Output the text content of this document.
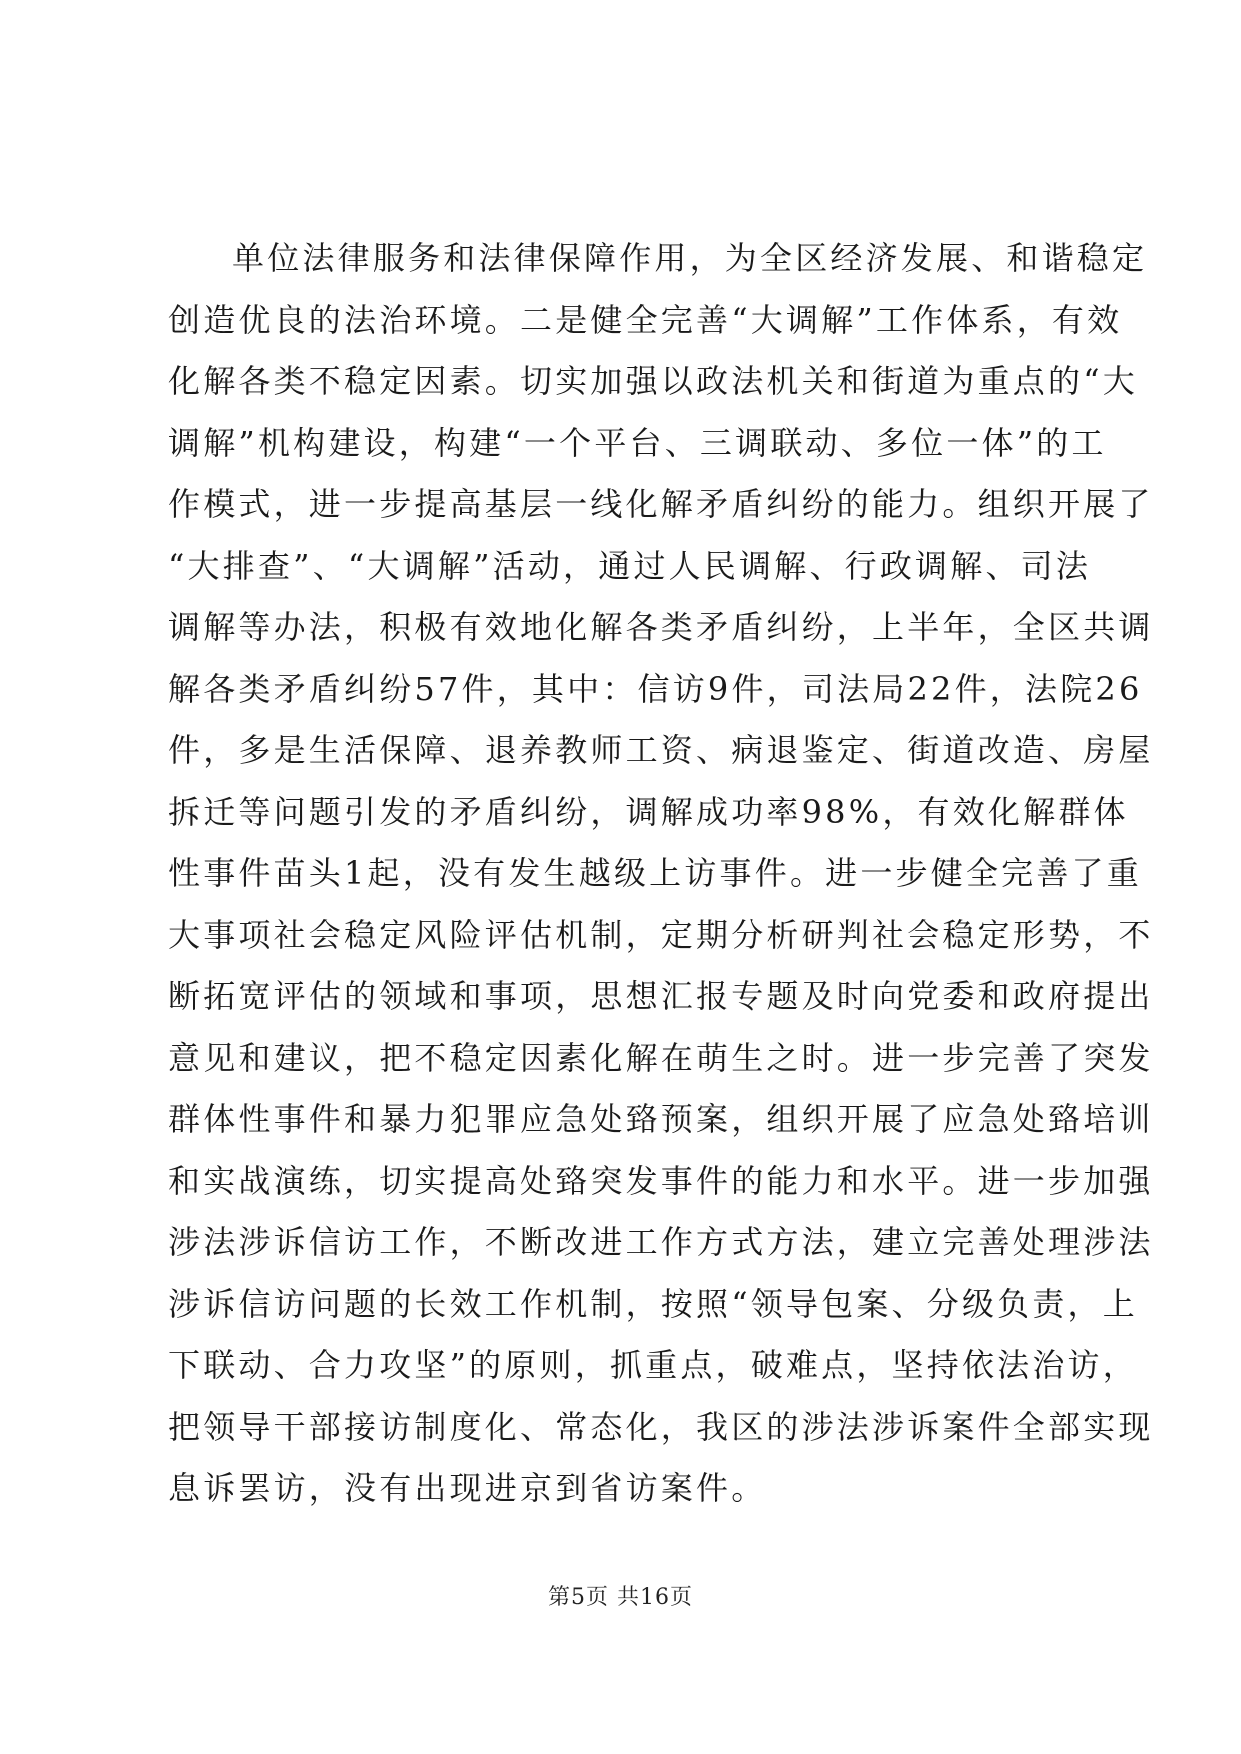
单位法律服务和法律保障作用，为全区经济发展、和谐稳定
创造优良的法治环境。二是健全完善“大调解”工作体系，有效
化解各类不稳定因素。切实加强以政法机关和街道为重点的“大
调解”机构建设，构建“一个平台、三调联动、多位一体”的工
作模式，进一步提高基层一线化解矛盾纠纷的能力。组织开展了
“大排查”、“大调解”活动，通过人民调解、行政调解、司法
调解等办法，积极有效地化解各类矛盾纠纷，上半年，全区共调
解各类矛盾纠纷57件，其中：信访9件，司法局22件，法院26
件，多是生活保障、退养教师工资、病退鉴定、街道改造、房屋
拆迁等问题引发的矛盾纠纷，调解成功率98%，有效化解群体
性事件苗头1起，没有发生越级上访事件。进一步健全完善了重
大事项社会稳定风险评估机制，定期分析研判社会稳定形势，不
断拓宽评估的领域和事项，思想汇报专题及时向党委和政府提出
意见和建议，把不稳定因素化解在萌生之时。进一步完善了突发
群体性事件和暴力犯罪应急处臵预案，组织开展了应急处臵培训
和实战演练，切实提高处臵突发事件的能力和水平。进一步加强
涉法涉诉信访工作，不断改进工作方式方法，建立完善处理涉法
涉诉信访问题的长效工作机制，按照“领导包案、分级负责，上
下联动、合力攻坚”的原则，抓重点，破难点，坚持依法治访，
把领导干部接访制度化、常态化，我区的涉法涉诉案件全部实现
息诉罢访，没有出现进京到省访案件。
第5页 共16页
